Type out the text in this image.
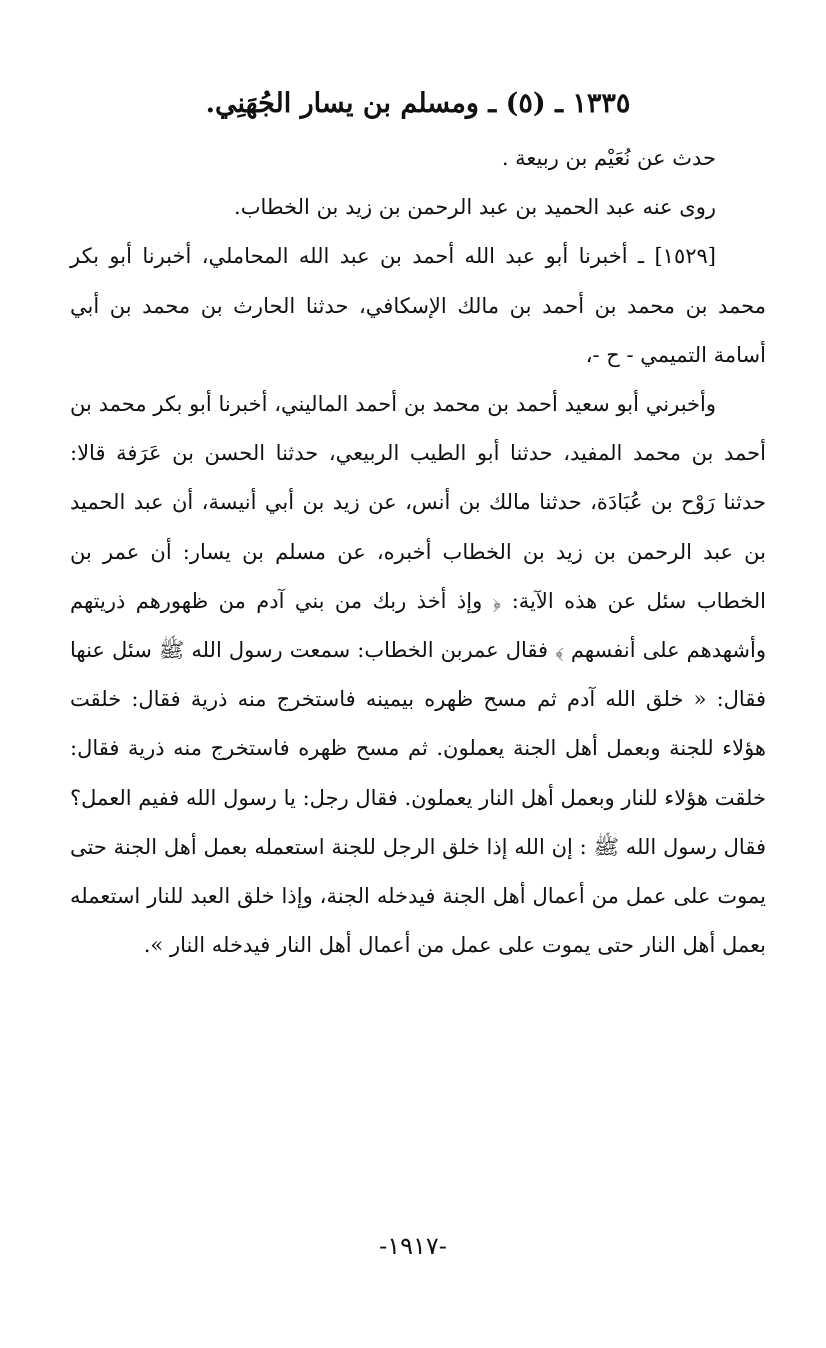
١٣٣٥ ـ (٥) ـ ومسلم بن يسار الجُهَنِي.

حدث عن نُعَيْم بن ربيعة .

روى عنه عبد الحميد بن عبد الرحمن بن زيد بن الخطاب.

[١٥٢٩] ـ أخبرنا أبو عبد الله أحمد بن عبد الله المحاملي، أخبرنا أبو بكر محمد بن محمد بن أحمد بن مالك الإسكافي، حدثنا الحارث بن محمد بن أبي أسامة التميمي - ح -،

وأخبرني أبو سعيد أحمد بن محمد بن أحمد الماليني، أخبرنا أبو بكر محمد بن أحمد بن محمد المفيد، حدثنا أبو الطيب الربيعي، حدثنا الحسن بن عَرَفة قالا: حدثنا رَوْح بن عُبَادَة، حدثنا مالك بن أنس، عن زيد بن أبي أنيسة، أن عبد الحميد بن عبد الرحمن بن زيد بن الخطاب أخبره، عن مسلم بن يسار: أن عمر بن الخطاب سئل عن هذه الآية: ﴿ وإذ أخذ ربك من بني آدم من ظهورهم ذريتهم وأشهدهم على أنفسهم ﴾ فقال عمربن الخطاب: سمعت رسول الله ﷺ سئل عنها فقال: « خلق الله آدم ثم مسح ظهره بيمينه فاستخرج منه ذرية فقال: خلقت هؤلاء للجنة وبعمل أهل الجنة يعملون. ثم مسح ظهره فاستخرج منه ذرية فقال: خلقت هؤلاء للنار وبعمل أهل النار يعملون. فقال رجل: يا رسول الله ففيم العمل؟ فقال رسول الله ﷺ : إن الله إذا خلق الرجل للجنة استعمله بعمل أهل الجنة حتى يموت على عمل من أعمال أهل الجنة فيدخله الجنة، وإذا خلق العبد للنار استعمله بعمل أهل النار حتى يموت على عمل من أعمال أهل النار فيدخله النار ».

-١٩١٧-
